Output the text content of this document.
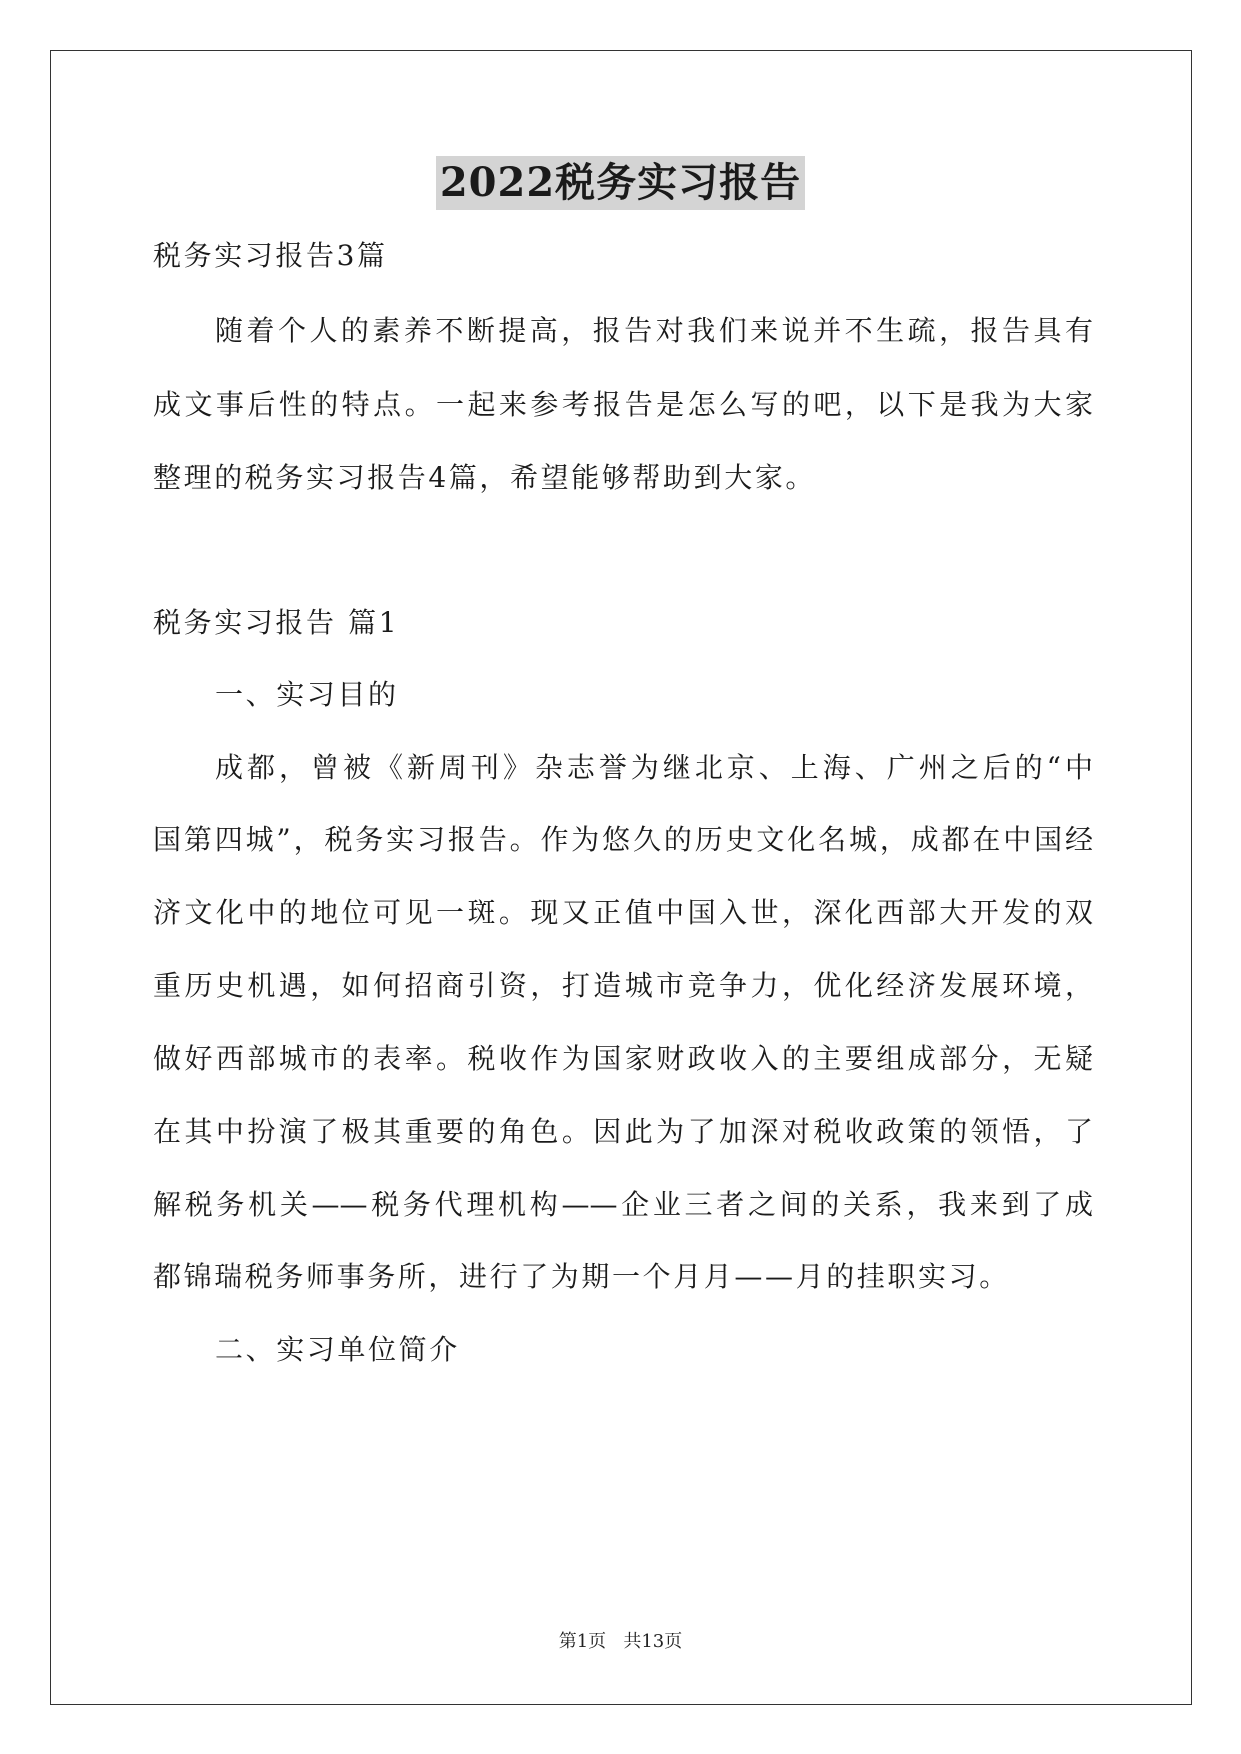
2022税务实习报告
税务实习报告3篇
随着个人的素养不断提高，报告对我们来说并不生疏，报告具有
成文事后性的特点。一起来参考报告是怎么写的吧，以下是我为大家
整理的税务实习报告4篇，希望能够帮助到大家。
税务实习报告 篇1
一、实习目的
成都，曾被《新周刊》杂志誉为继北京、上海、广州之后的“中
国第四城”，税务实习报告。作为悠久的历史文化名城，成都在中国经
济文化中的地位可见一斑。现又正值中国入世，深化西部大开发的双
重历史机遇，如何招商引资，打造城市竞争力，优化经济发展环境，
做好西部城市的表率。税收作为国家财政收入的主要组成部分，无疑
在其中扮演了极其重要的角色。因此为了加深对税收政策的领悟，了
解税务机关——税务代理机构——企业三者之间的关系，我来到了成
都锦瑞税务师事务所，进行了为期一个月月——月的挂职实习。
二、实习单位简介
第1页   共13页
